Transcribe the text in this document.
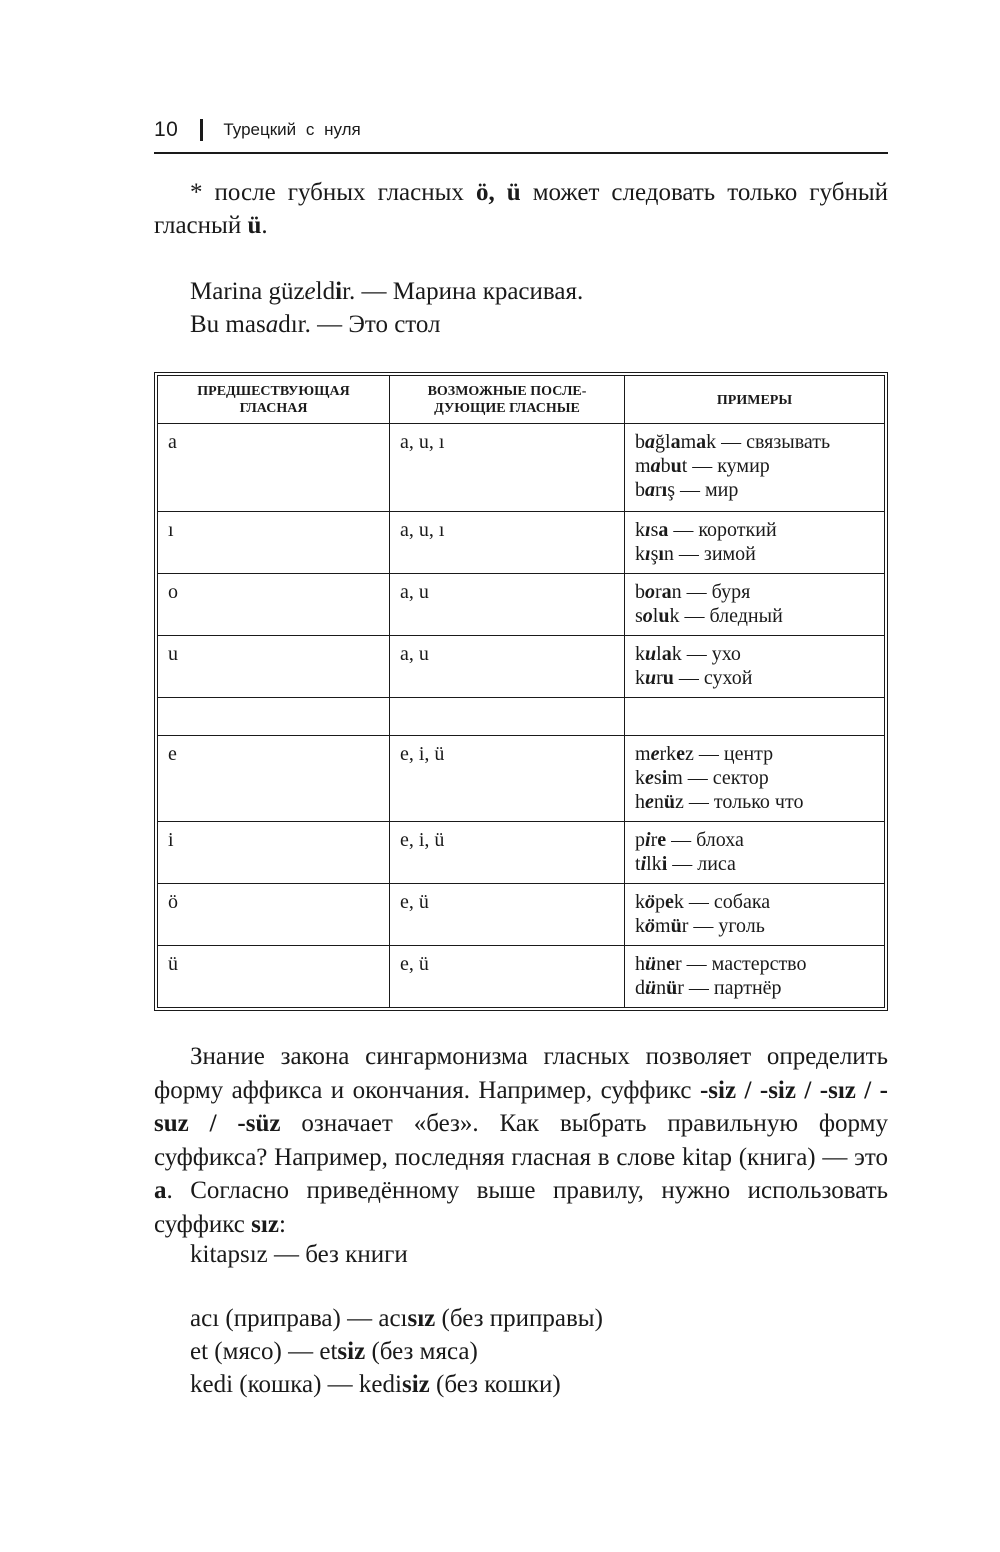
10	Турецкий с нуля
* после губных гласных ö, ü может следовать только губный гласный ü.
Marina güzeldir. — Марина красивая.
Bu masadır. — Это стол
ПРЕДШЕСТВУЮЩАЯ ГЛАСНАЯ	ВОЗМОЖНЫЕ ПОСЛЕ-ДУЮЩИЕ ГЛАСНЫЕ	ПРИМЕРЫ
a	a, u, ı	bağlamak — связывать
mabut — кумир
barış — мир

ı	a, u, ı	kısa — короткий
kışın — зимой

o	a, u	boran — буря
soluk — бледный

u	a, u	kulak — ухо
kuru — сухой

e	e, i, ü	merkez — центр
kesim — сектор
henüz — только что

i	e, i, ü	pire — блоха
tilki — лиса

ö	e, ü	köpek — собака
kömür — уголь

ü	e, ü	hüner — мастерство
dünür — партнёр
Знание закона сингармонизма гласных позволяет определить форму аффикса и окончания. Например, суффикс -siz / -siz / -sız / -suz / -süz означает «без». Как выбрать правильную форму суффикса? Например, последняя гласная в слове kitap (книга) — это a. Согласно приведённому выше правилу, нужно использовать суффикс sız:
kitapsız — без книги
acı (приправа) — acısız (без приправы)
et (мясо) — etsiz (без мяса)
kedi (кошка) — kedisiz (без кошки)
